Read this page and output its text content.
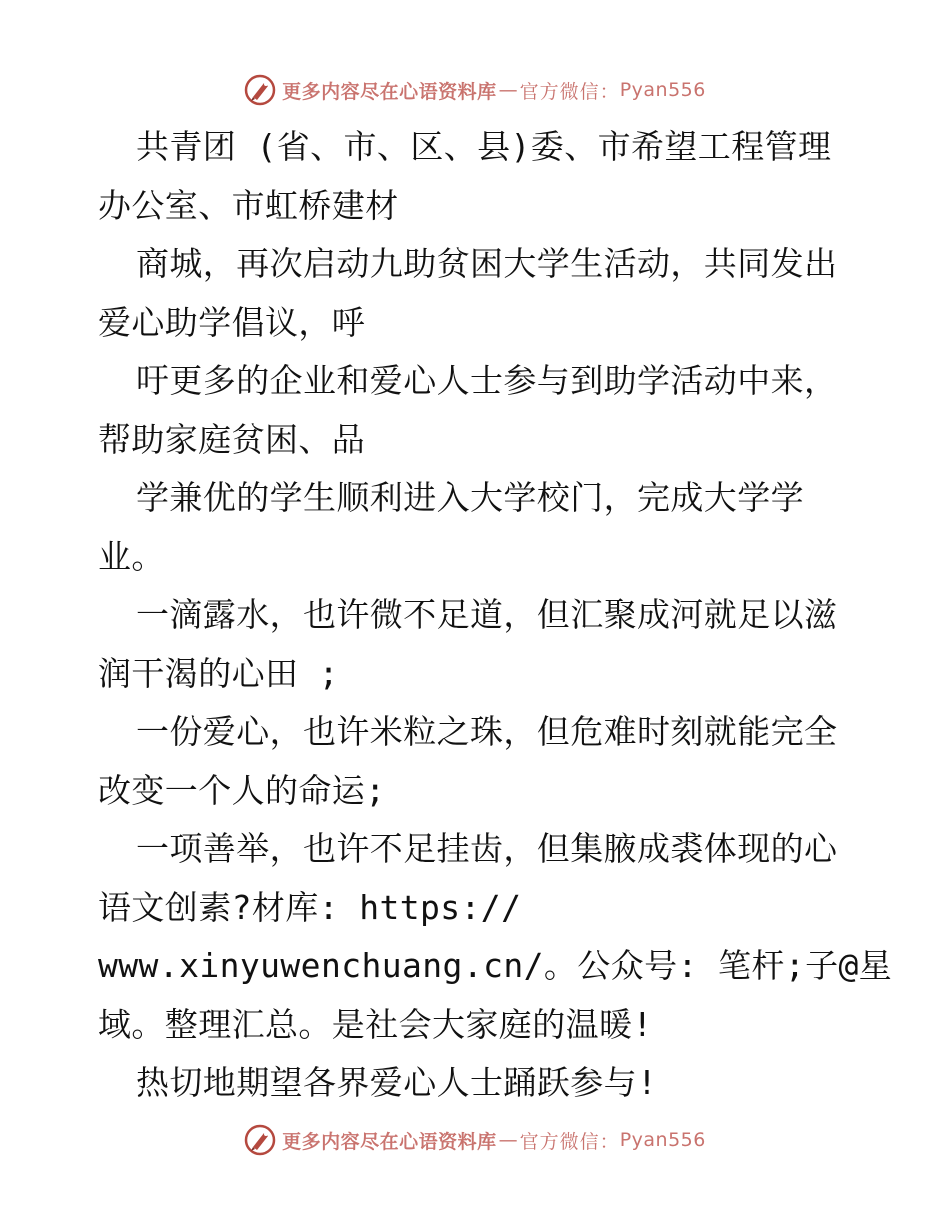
更多内容尽在心语资料库 — 官方微信： Pyan556
共青团 (省、市、区、县)委、市希望工程管理
办公室、市虹桥建材
商城，再次启动九助贫困大学生活动，共同发出
爱心助学倡议，呼
吁更多的企业和爱心人士参与到助学活动中来，
帮助家庭贫困、品
学兼优的学生顺利进入大学校门，完成大学学
业。
一滴露水，也许微不足道，但汇聚成河就足以滋
润干渴的心田 ;
一份爱心，也许米粒之珠，但危难时刻就能完全
改变一个人的命运;
一项善举，也许不足挂齿，但集腋成裘体现的心
语文创素?材库: https://
www.xinyuwenchuang.cn/。公众号: 笔杆;子@星
域。整理汇总。是社会大家庭的温暖!
热切地期望各界爱心人士踊跃参与!
更多内容尽在心语资料库 — 官方微信： Pyan556
